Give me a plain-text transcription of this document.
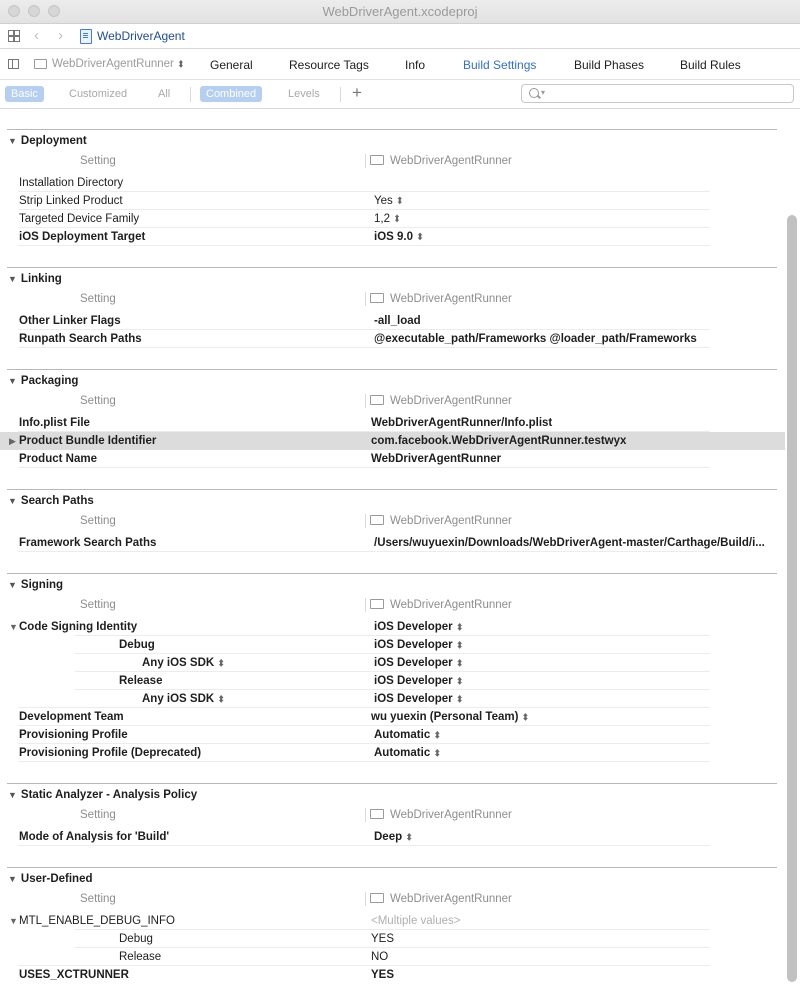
WebDriverAgent.xcodeproj
‹ ›	WebDriverAgent
WebDriverAgentRunner ⬍ General	Resource Tags	Info	Build Settings	Build Phases	Build Rules
Basic	Customized	All	Combined	Levels	+	▾
▼ Deployment
Setting	WebDriverAgentRunner
Installation Directory
Strip Linked Product	Yes ⬍
Targeted Device Family	1,2 ⬍
iOS Deployment Target	iOS 9.0 ⬍
▼ Linking
Setting	WebDriverAgentRunner
Other Linker Flags	-all_load
Runpath Search Paths	@executable_path/Frameworks @loader_path/Frameworks
▼ Packaging
Setting	WebDriverAgentRunner
Info.plist File	WebDriverAgentRunner/Info.plist
▶ Product Bundle Identifier	com.facebook.WebDriverAgentRunner.testwyx
Product Name	WebDriverAgentRunner
▼ Search Paths
Setting	WebDriverAgentRunner
Framework Search Paths	/Users/wuyuexin/Downloads/WebDriverAgent-master/Carthage/Build/i...
▼ Signing
Setting	WebDriverAgentRunner
▼ Code Signing Identity	iOS Developer ⬍
Debug	iOS Developer ⬍
Any iOS SDK ⬍	iOS Developer ⬍
Release	iOS Developer ⬍
Any iOS SDK ⬍	iOS Developer ⬍
Development Team	wu yuexin (Personal Team) ⬍
Provisioning Profile	Automatic ⬍
Provisioning Profile (Deprecated)	Automatic ⬍
▼ Static Analyzer - Analysis Policy
Setting	WebDriverAgentRunner
Mode of Analysis for 'Build'	Deep ⬍
▼ User-Defined
Setting	WebDriverAgentRunner
▼ MTL_ENABLE_DEBUG_INFO	<Multiple values>
Debug	YES
Release	NO
USES_XCTRUNNER	YES
